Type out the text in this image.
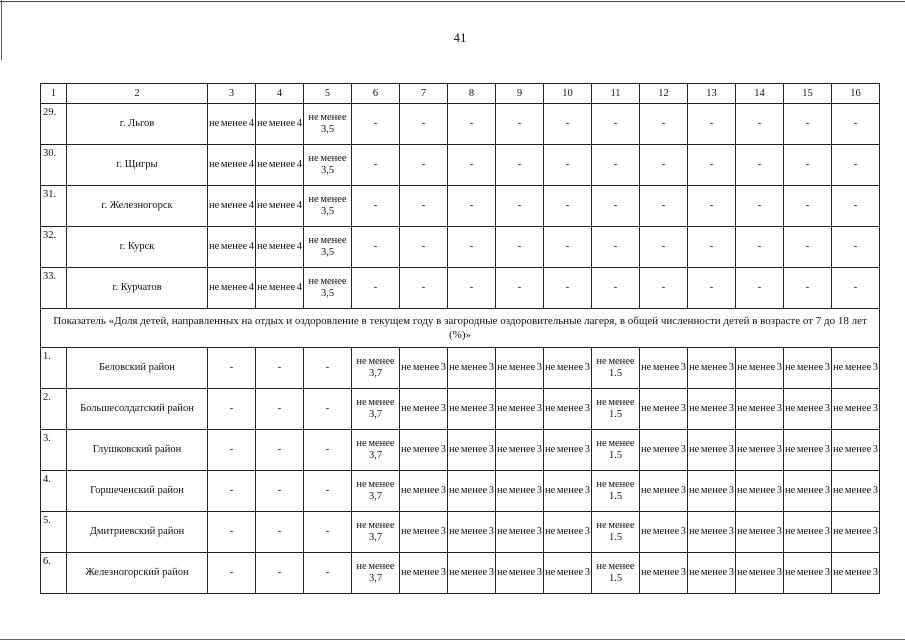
41
1	2	3	4	5	6	7	8	9	10	11	12	13	14	15	16
29.	г. Льгов	не менее 4	не менее 4	не менее 3,5	-	-	-	-	-	-	-	-	-	-	-
30.	г. Щигры	не менее 4	не менее 4	не менее 3,5	-	-	-	-	-	-	-	-	-	-	-
31.	г. Железногорск	не менее 4	не менее 4	не менее 3,5	-	-	-	-	-	-	-	-	-	-	-
32.	г. Курск	не менее 4	не менее 4	не менее 3,5	-	-	-	-	-	-	-	-	-	-	-
33.	г. Курчатов	не менее 4	не менее 4	не менее 3,5	-	-	-	-	-	-	-	-	-	-	-
Показатель «Доля детей, направленных на отдых и оздоровление в текущем году в загородные оздоровительные лагеря, в общей численности детей в возрасте от 7 до 18 лет (%)»															
1.	Беловский район	-	-	-	не менее 3,7	не менее 3	не менее 3	не менее 3	не менее 3	не менее 1.5	не менее 3	не менее 3	не менее 3	не менее 3	не менее 3
2.	Большесолдатский район	-	-	-	не менее 3,7	не менее 3	не менее 3	не менее 3	не менее 3	не менее 1.5	не менее 3	не менее 3	не менее 3	не менее 3	не менее 3
3.	Глушковский район	-	-	-	не менее 3,7	не менее 3	не менее 3	не менее 3	не менее 3	не менее 1.5	не менее 3	не менее 3	не менее 3	не менее 3	не менее 3
4.	Горшеченский район	-	-	-	не менее 3,7	не менее 3	не менее 3	не менее 3	не менее 3	не менее 1.5	не менее 3	не менее 3	не менее 3	не менее 3	не менее 3
5.	Дмитриевский район	-	-	-	не менее 3,7	не менее 3	не менее 3	не менее 3	не менее 3	не менее 1.5	не менее 3	не менее 3	не менее 3	не менее 3	не менее 3
6.	Железногорский район	-	-	-	не менее 3,7	не менее 3	не менее 3	не менее 3	не менее 3	не менее 1.5	не менее 3	не менее 3	не менее 3	не менее 3	не менее 3
